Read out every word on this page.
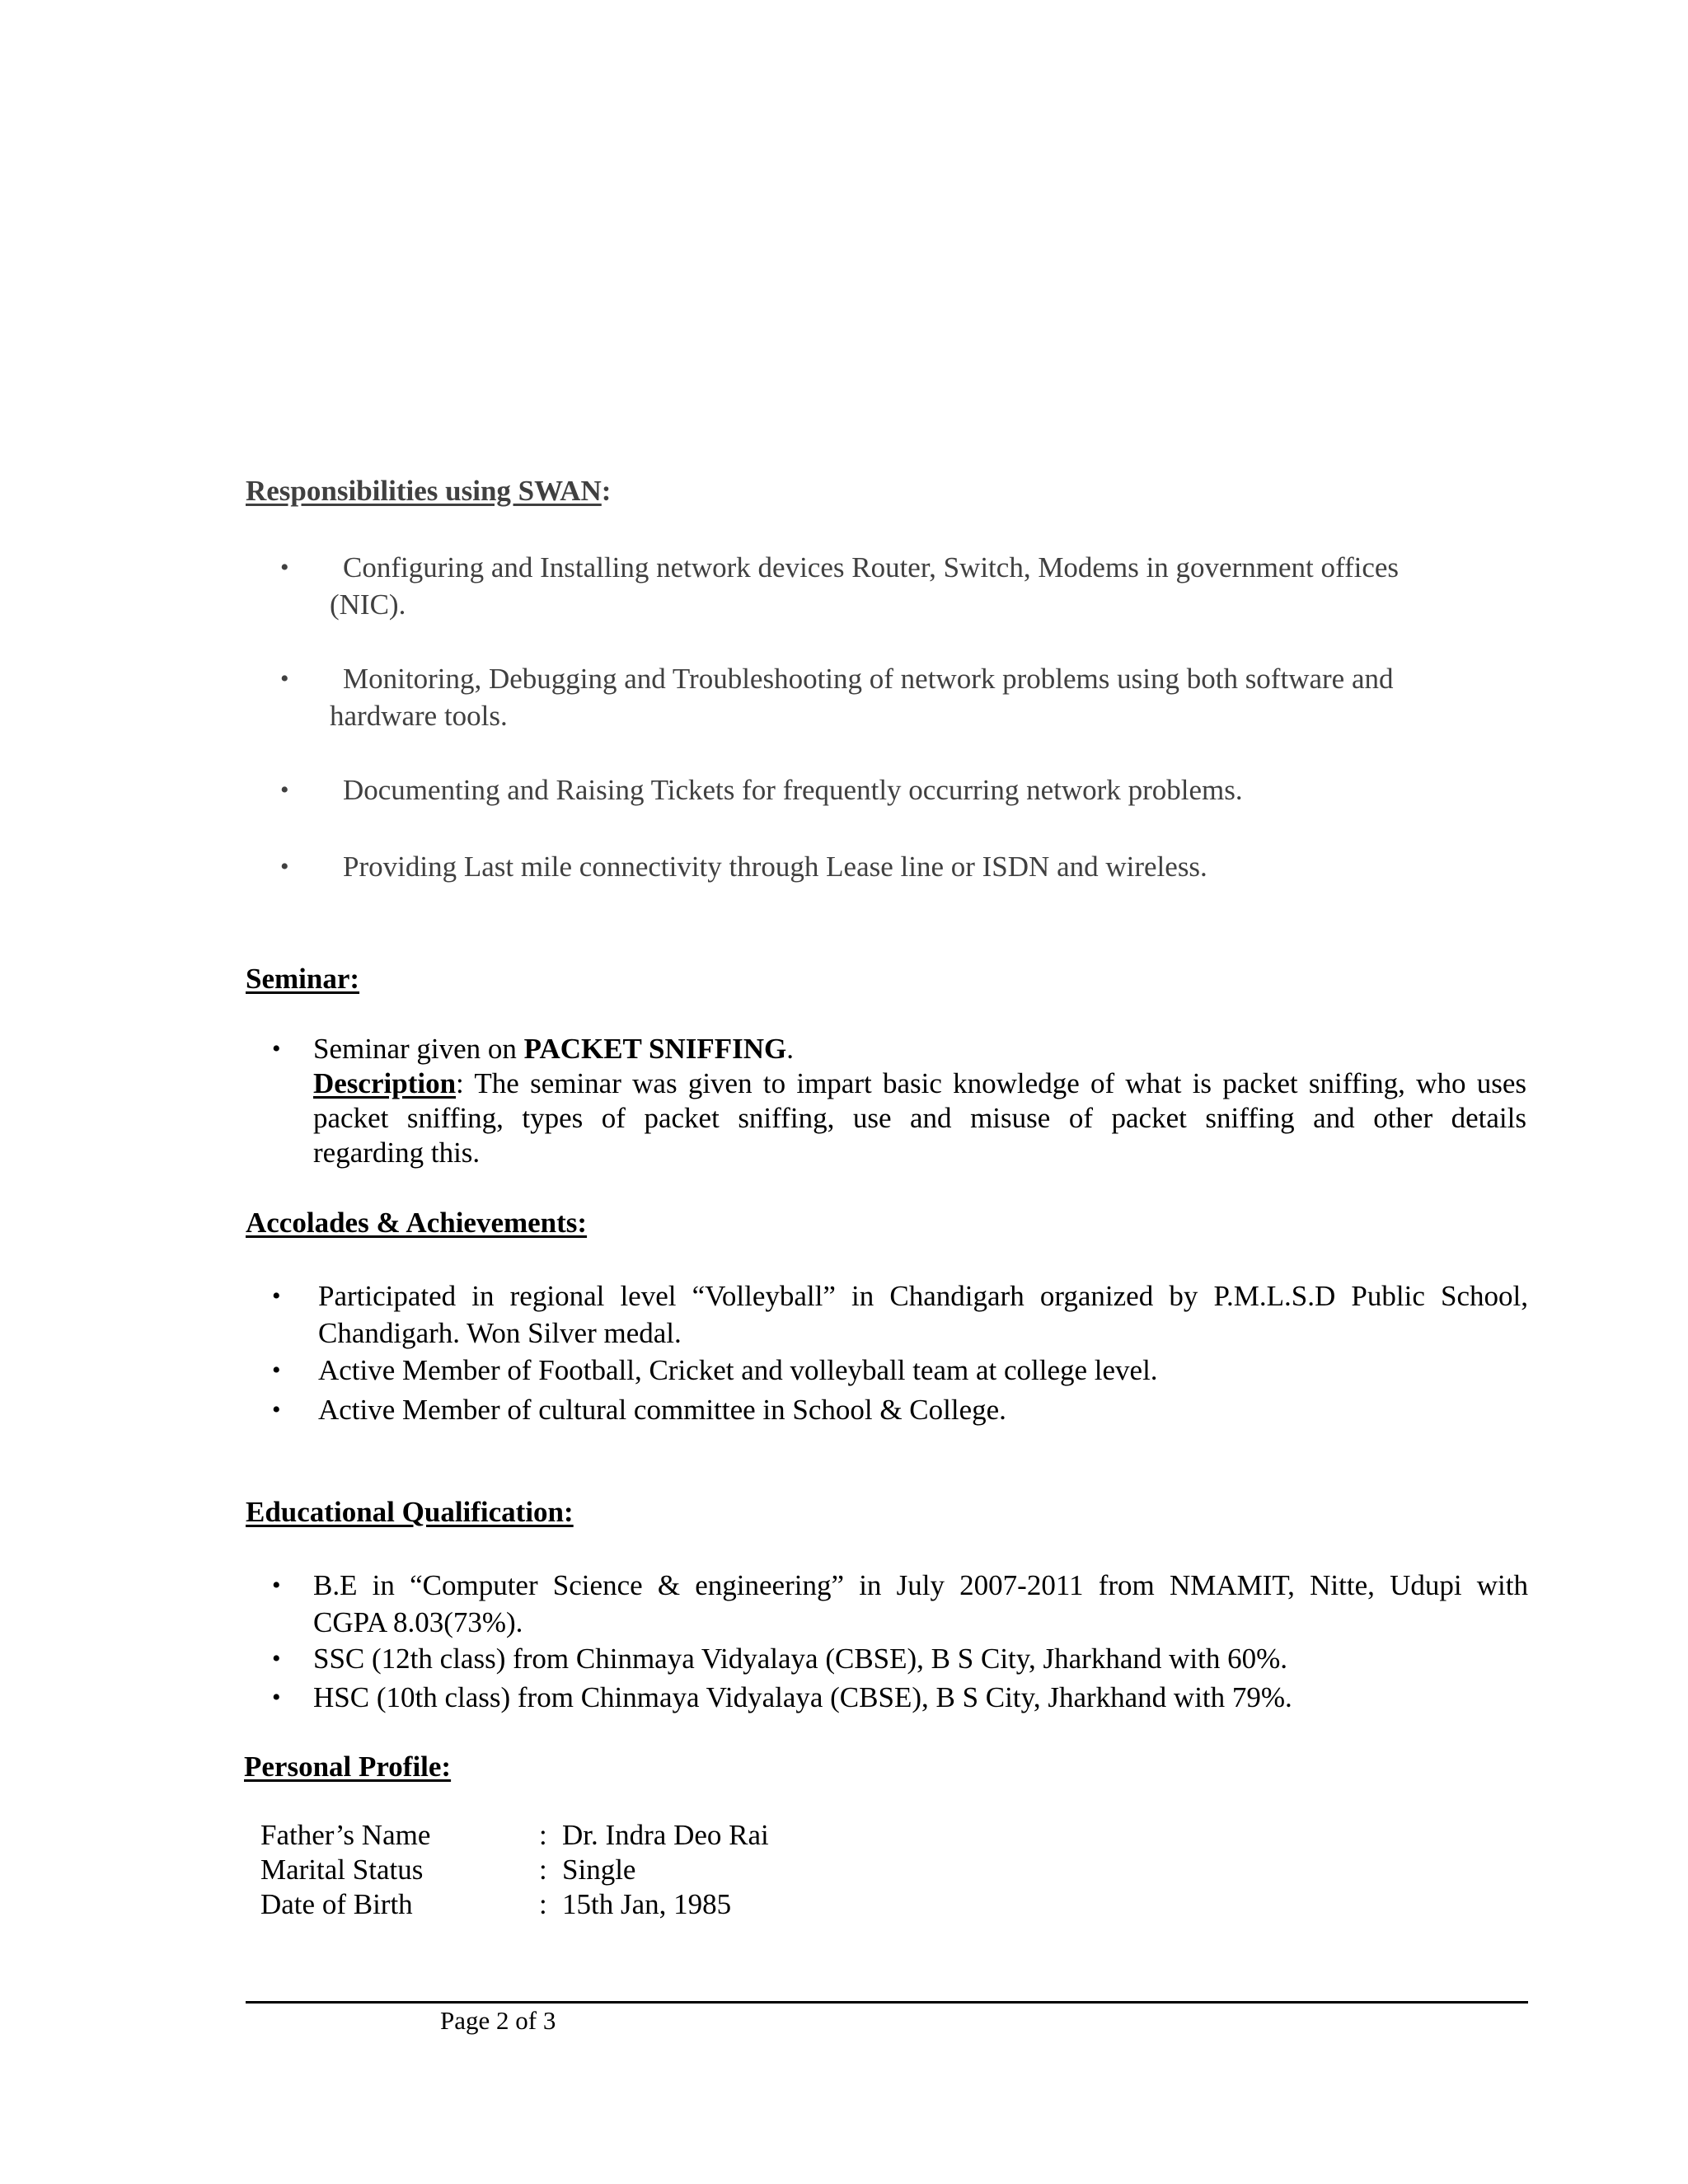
Responsibilities using SWAN:
•	Configuring and Installing network devices Router, Switch, Modems in government offices
(NIC).
•	Monitoring, Debugging and Troubleshooting of network problems using both software and
hardware tools.
•	Documenting and Raising Tickets for frequently occurring network problems.
•	Providing Last mile connectivity through Lease line or ISDN and wireless.
Seminar:
• Seminar given on PACKET SNIFFING.
Description: The seminar was given to impart basic knowledge of what is packet sniffing, who uses
packet sniffing, types of packet sniffing, use and misuse of packet sniffing and other details
regarding this.
Accolades & Achievements:
• Participated in regional level “Volleyball” in Chandigarh organized by P.M.L.S.D Public School,
Chandigarh. Won Silver medal.
• Active Member of Football, Cricket and volleyball team at college level.
• Active Member of cultural committee in School & College.
Educational Qualification:
• B.E in “Computer Science & engineering” in July 2007-2011 from NMAMIT, Nitte, Udupi with
CGPA 8.03(73%).
• SSC (12th class) from Chinmaya Vidyalaya (CBSE), B S City, Jharkhand with 60%.
• HSC (10th class) from Chinmaya Vidyalaya (CBSE), B S City, Jharkhand with 79%.
Personal Profile:
Father’s Name	: Dr. Indra Deo Rai
Marital Status	: Single
Date of Birth	: 15th Jan, 1985
Page 2 of 3
